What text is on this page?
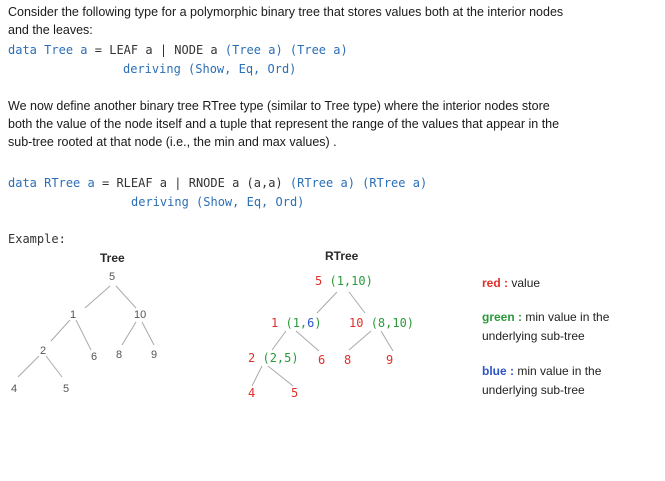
Consider the following type for a polymorphic binary tree that stores values both at the interior nodes
and the leaves:
data Tree a = LEAF a | NODE a (Tree a) (Tree a)
deriving (Show, Eq, Ord)
We now define another binary tree RTree type (similar to Tree type) where the interior nodes store
both the value of the node itself and a tuple that represent the range of the values that appear in the
sub-tree rooted at that node (i.e., the min and max values) .
data RTree a = RLEAF a | RNODE a (a,a) (RTree a) (RTree a)
deriving (Show, Eq, Ord)
Example:
Tree
5
1	10
2	6 8	9
4	5
RTree
5 (1,10)
1 (1,6) 10 (8,10)
2 (2,5) 6 8	9
4	5
red : value
green : min value in the
underlying sub-tree
blue : min value in the
underlying sub-tree
